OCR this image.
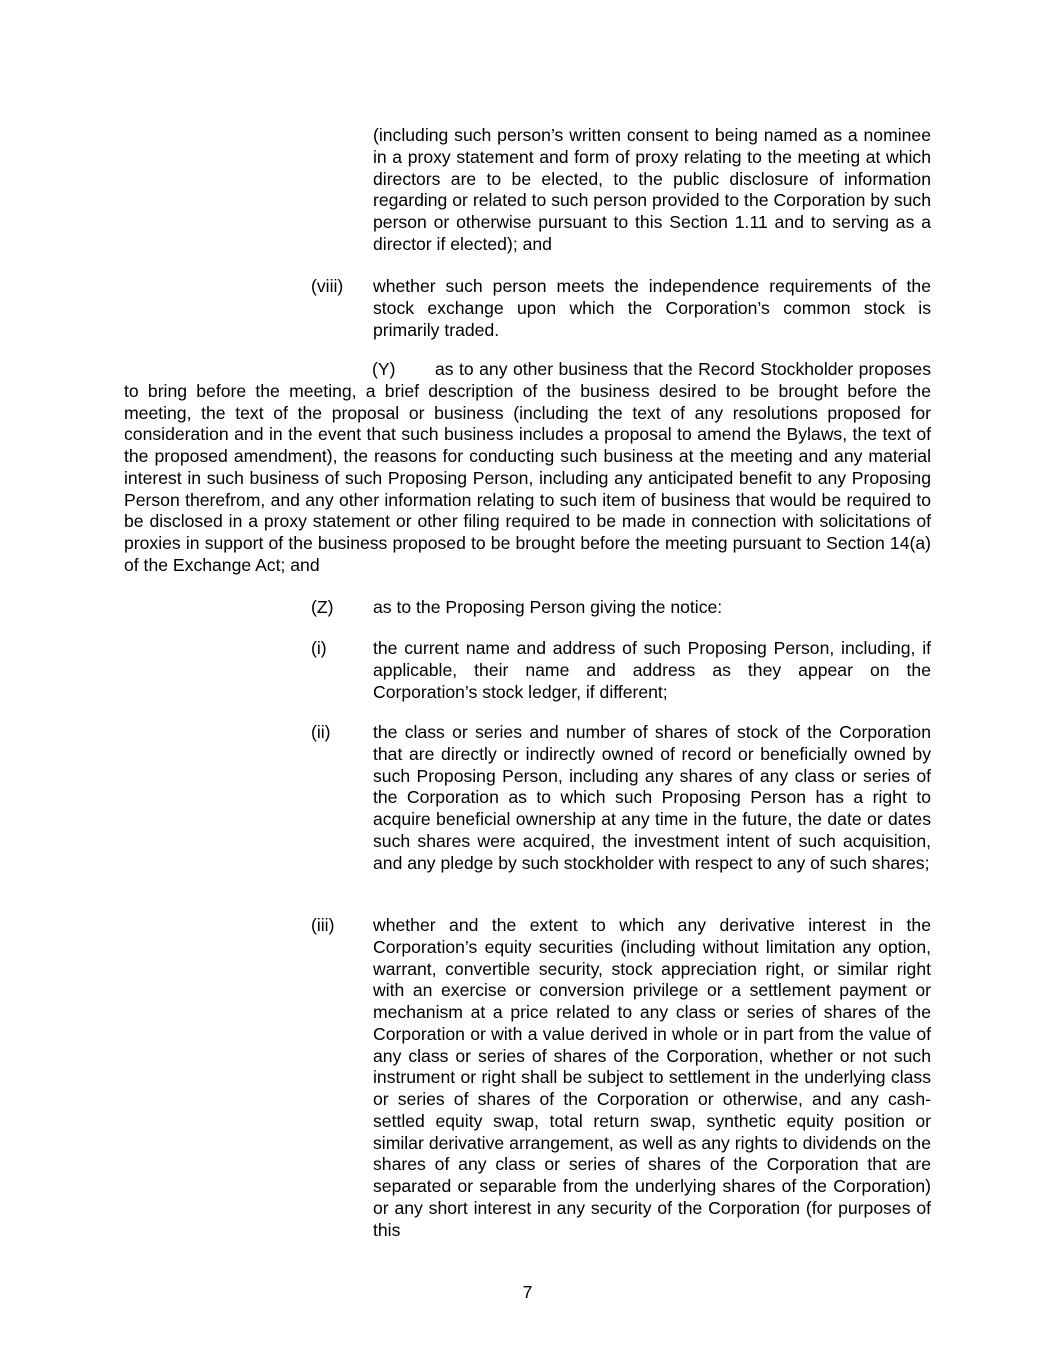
(including such person’s written consent to being named as a nominee in a proxy statement and form of proxy relating to the meeting at which directors are to be elected, to the public disclosure of information regarding or related to such person provided to the Corporation by such person or otherwise pursuant to this Section 1.11 and to serving as a director if elected); and

(viii) whether such person meets the independence requirements of the stock exchange upon which the Corporation’s common stock is primarily traded.

(Y) as to any other business that the Record Stockholder proposes to bring before the meeting, a brief description of the business desired to be brought before the meeting, the text of the proposal or business (including the text of any resolutions proposed for consideration and in the event that such business includes a proposal to amend the Bylaws, the text of the proposed amendment), the reasons for conducting such business at the meeting and any material interest in such business of such Proposing Person, including any anticipated benefit to any Proposing Person therefrom, and any other information relating to such item of business that would be required to be disclosed in a proxy statement or other filing required to be made in connection with solicitations of proxies in support of the business proposed to be brought before the meeting pursuant to Section 14(a) of the Exchange Act; and

(Z) as to the Proposing Person giving the notice:

(i)	the current name and address of such Proposing Person, including, if applicable, their name and address as they appear on the Corporation’s stock ledger, if different;

(ii) the class or series and number of shares of stock of the Corporation that are directly or indirectly owned of record or beneficially owned by such Proposing Person, including any shares of any class or series of the Corporation as to which such Proposing Person has a right to acquire beneficial ownership at any time in the future, the date or dates such shares were acquired, the investment intent of such acquisition, and any pledge by such stockholder with respect to any of such shares;

(iii) whether and the extent to which any derivative interest in the Corporation’s equity securities (including without limitation any option, warrant, convertible security, stock appreciation right, or similar right with an exercise or conversion privilege or a settlement payment or mechanism at a price related to any class or series of shares of the Corporation or with a value derived in whole or in part from the value of any class or series of shares of the Corporation, whether or not such instrument or right shall be subject to settlement in the underlying class or series of shares of the Corporation or otherwise, and any cash-settled equity swap, total return swap, synthetic equity position or similar derivative arrangement, as well as any rights to dividends on the shares of any class or series of shares of the Corporation that are separated or separable from the underlying shares of the Corporation) or any short interest in any security of the Corporation (for purposes of this

7
